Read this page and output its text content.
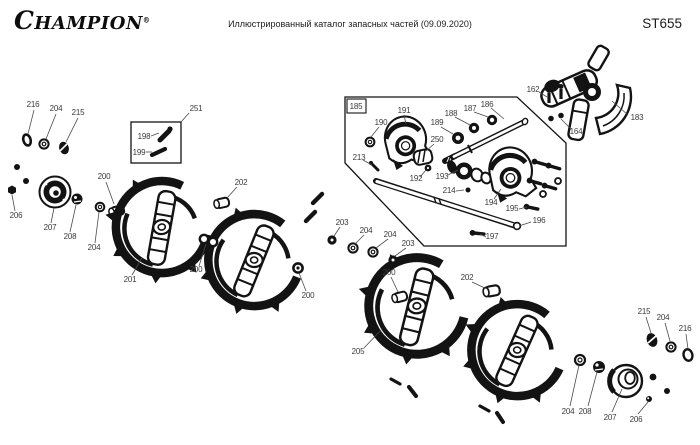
CHAMPION®	Иллюстрированный каталог запасных частей (09.09.2020)	ST655
216 204 215	251
198
199
200
206
207
208
204
201
202
200
200
203
204 204
203
200
202
205
185
190
191
189
188
187 186
250
213
192 193
214
194
195
196
197
162
164
183
215
204
216
204 208
207 206
